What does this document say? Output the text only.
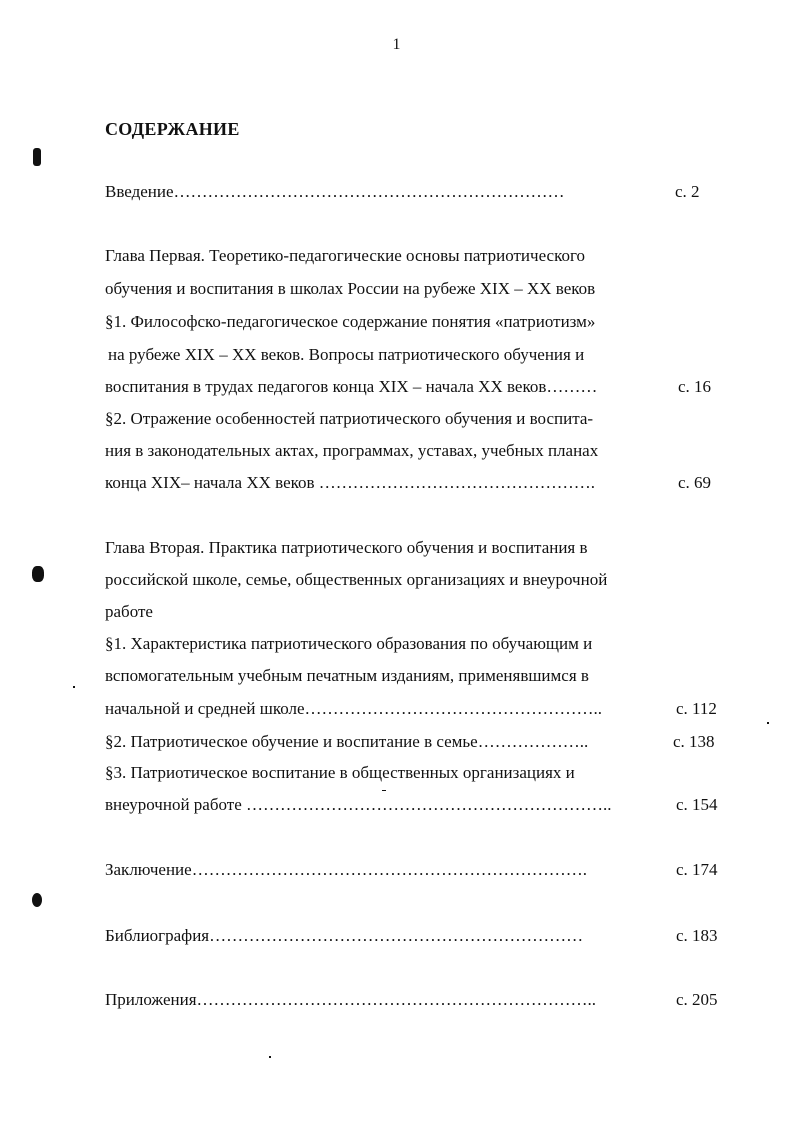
1
СОДЕРЖАНИЕ
Введение……………………………………………………………	с. 2
Глава Первая. Теоретико-педагогические основы патриотического
обучения и воспитания в школах России на рубеже XIX – XX веков
§1. Философско-педагогическое содержание понятия «патриотизм»
на рубеже XIX – XX веков. Вопросы патриотического обучения и
воспитания в трудах педагогов конца XIX – начала XX веков………	с. 16
§2. Отражение особенностей патриотического обучения и воспита-
ния в законодательных актах, программах, уставах, учебных планах
конца XIX– начала XX веков ………………………………………….	с. 69
Глава Вторая. Практика патриотического обучения и воспитания в
российской школе, семье, общественных организациях и внеурочной
работе
§1. Характеристика патриотического образования по обучающим и
вспомогательным учебным печатным изданиям, применявшимся в
начальной и средней школе……………………………………………..	с. 112
§2. Патриотическое обучение и воспитание в семье………………..	с. 138
§3. Патриотическое воспитание в общественных организациях и
внеурочной работе ………………………………………………………..	с. 154
Заключение…………………………………………………………….	с. 174
Библиография…………………………………………………………	с. 183
Приложения……………………………………………………………..	с. 205
